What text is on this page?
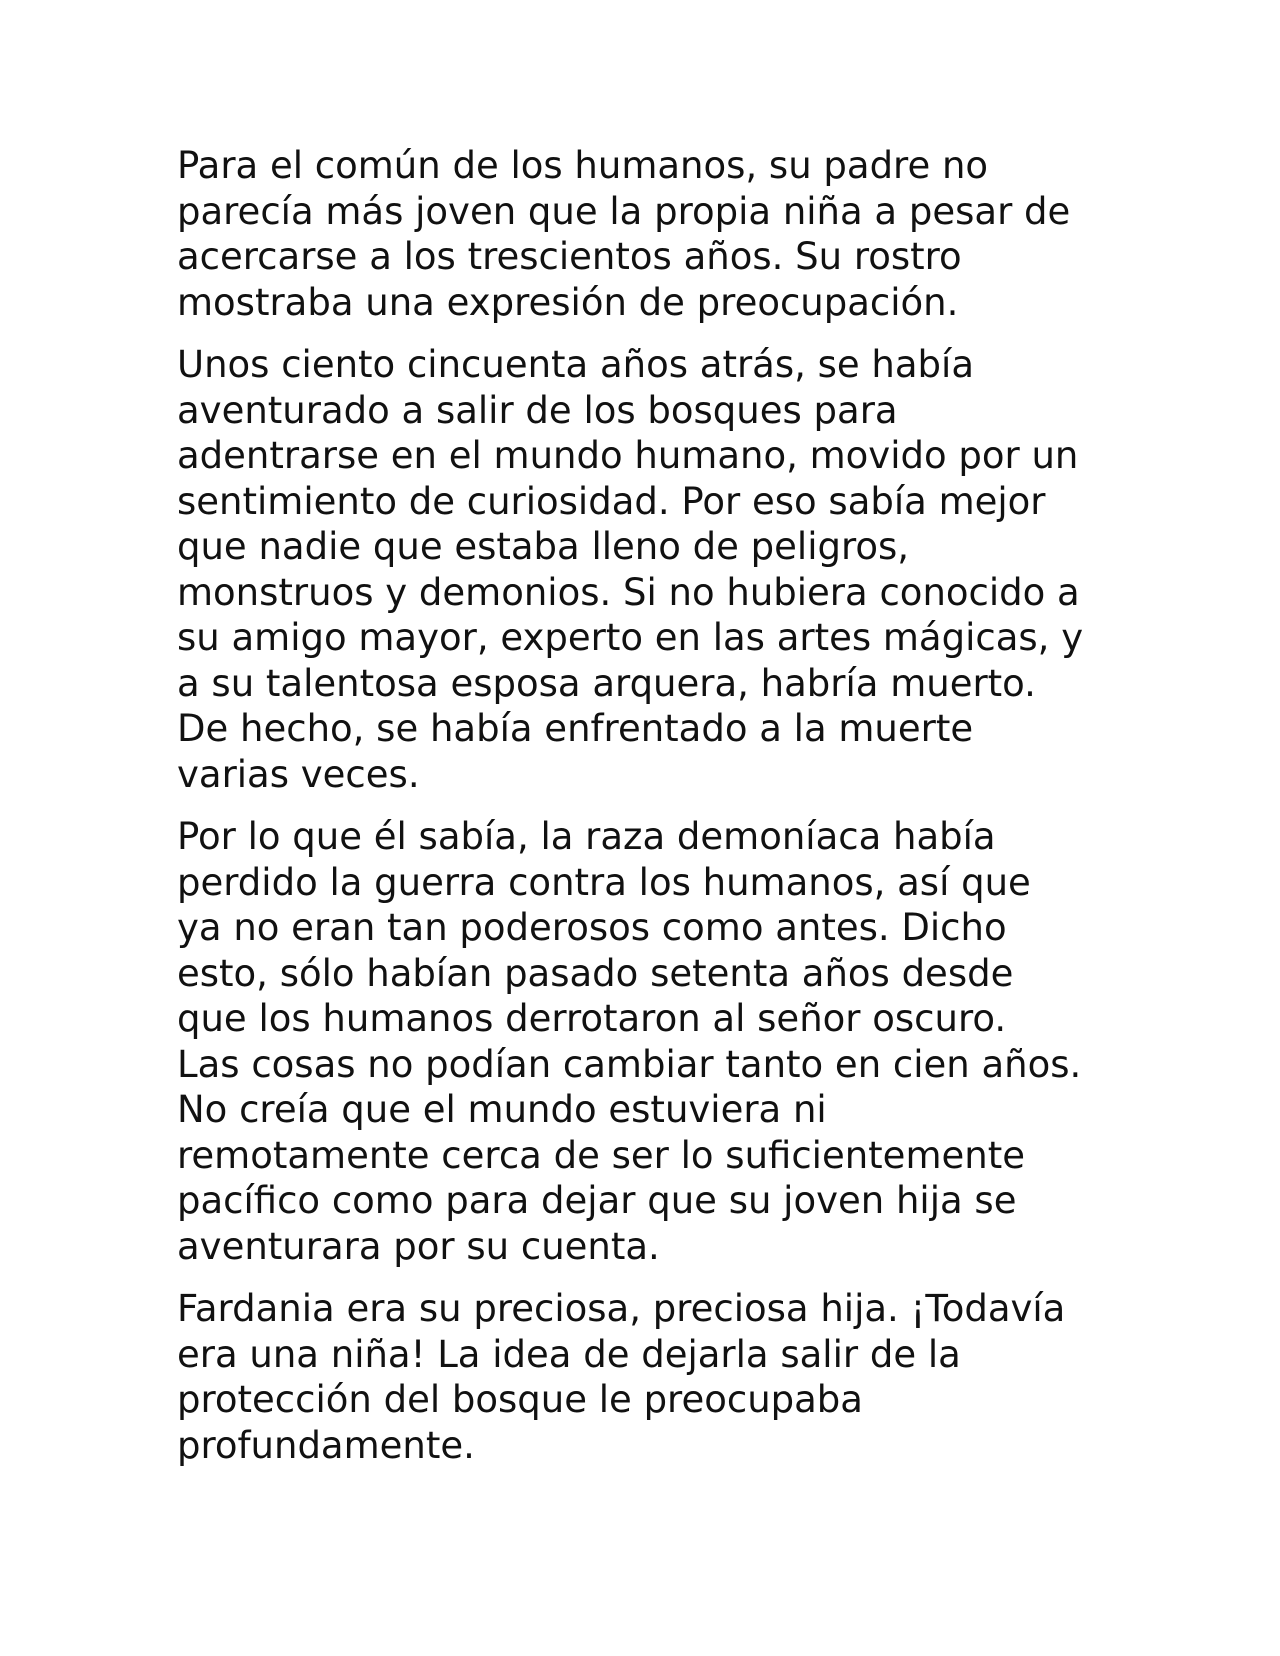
Para el común de los humanos, su padre no
parecía más joven que la propia niña a pesar de
acercarse a los trescientos años. Su rostro
mostraba una expresión de preocupación.

Unos ciento cincuenta años atrás, se había
aventurado a salir de los bosques para
adentrarse en el mundo humano, movido por un
sentimiento de curiosidad. Por eso sabía mejor
que nadie que estaba lleno de peligros,
monstruos y demonios. Si no hubiera conocido a
su amigo mayor, experto en las artes mágicas, y
a su talentosa esposa arquera, habría muerto.
De hecho, se había enfrentado a la muerte
varias veces.

Por lo que él sabía, la raza demoníaca había
perdido la guerra contra los humanos, así que
ya no eran tan poderosos como antes. Dicho
esto, sólo habían pasado setenta años desde
que los humanos derrotaron al señor oscuro.
Las cosas no podían cambiar tanto en cien años.
No creía que el mundo estuviera ni
remotamente cerca de ser lo suficientemente
pacífico como para dejar que su joven hija se
aventurara por su cuenta.

Fardania era su preciosa, preciosa hija. ¡Todavía
era una niña! La idea de dejarla salir de la
protección del bosque le preocupaba
profundamente.
